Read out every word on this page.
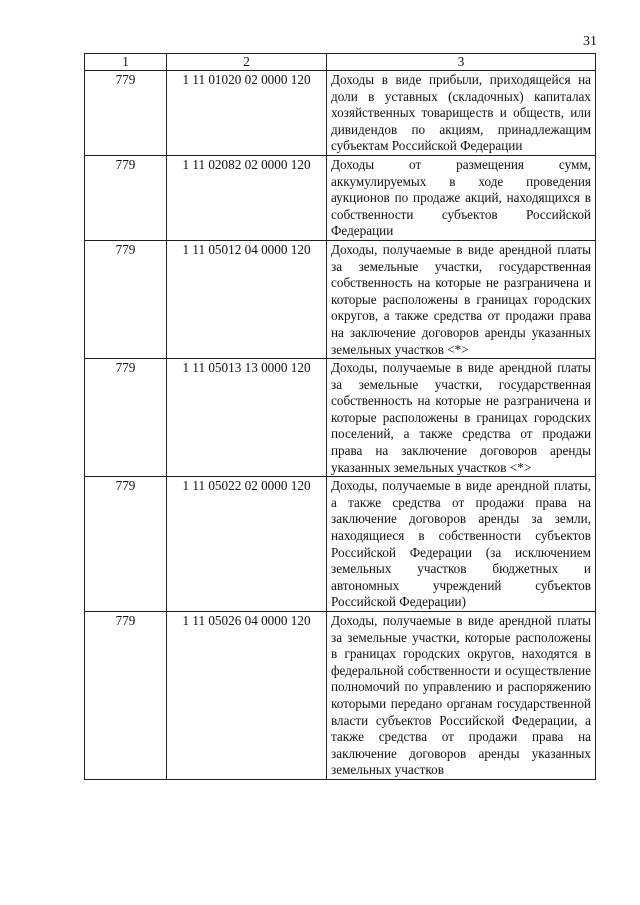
31
1	2	3
779	1 11 01020 02 0000 120	Доходы в виде прибыли, приходящейся на доли в уставных (складочных) капиталах хозяйственных товариществ и обществ, или дивидендов по акциям, принадлежащим субъектам Российской Федерации
779	1 11 02082 02 0000 120	Доходы от размещения сумм, аккумулируемых в ходе проведения аукционов по продаже акций, находящихся в собственности субъектов Российской Федерации
779	1 11 05012 04 0000 120	Доходы, получаемые в виде арендной платы за земельные участки, государственная собственность на которые не разграничена и которые расположены в границах городских округов, а также средства от продажи права на заключение договоров аренды указанных земельных участков <*>
779	1 11 05013 13 0000 120	Доходы, получаемые в виде арендной платы за земельные участки, государственная собственность на которые не разграничена и которые расположены в границах городских поселений, а также средства от продажи права на заключение договоров аренды указанных земельных участков <*>
779	1 11 05022 02 0000 120	Доходы, получаемые в виде арендной платы, а также средства от продажи права на заключение договоров аренды за земли, находящиеся в собственности субъектов Российской Федерации (за исключением земельных участков бюджетных и автономных учреждений субъектов Российской Федерации)
779	1 11 05026 04 0000 120	Доходы, получаемые в виде арендной платы за земельные участки, которые расположены в границах городских округов, находятся в федеральной собственности и осуществление полномочий по управлению и распоряжению которыми передано органам государственной власти субъектов Российской Федерации, а также средства от продажи права на заключение договоров аренды указанных земельных участков
